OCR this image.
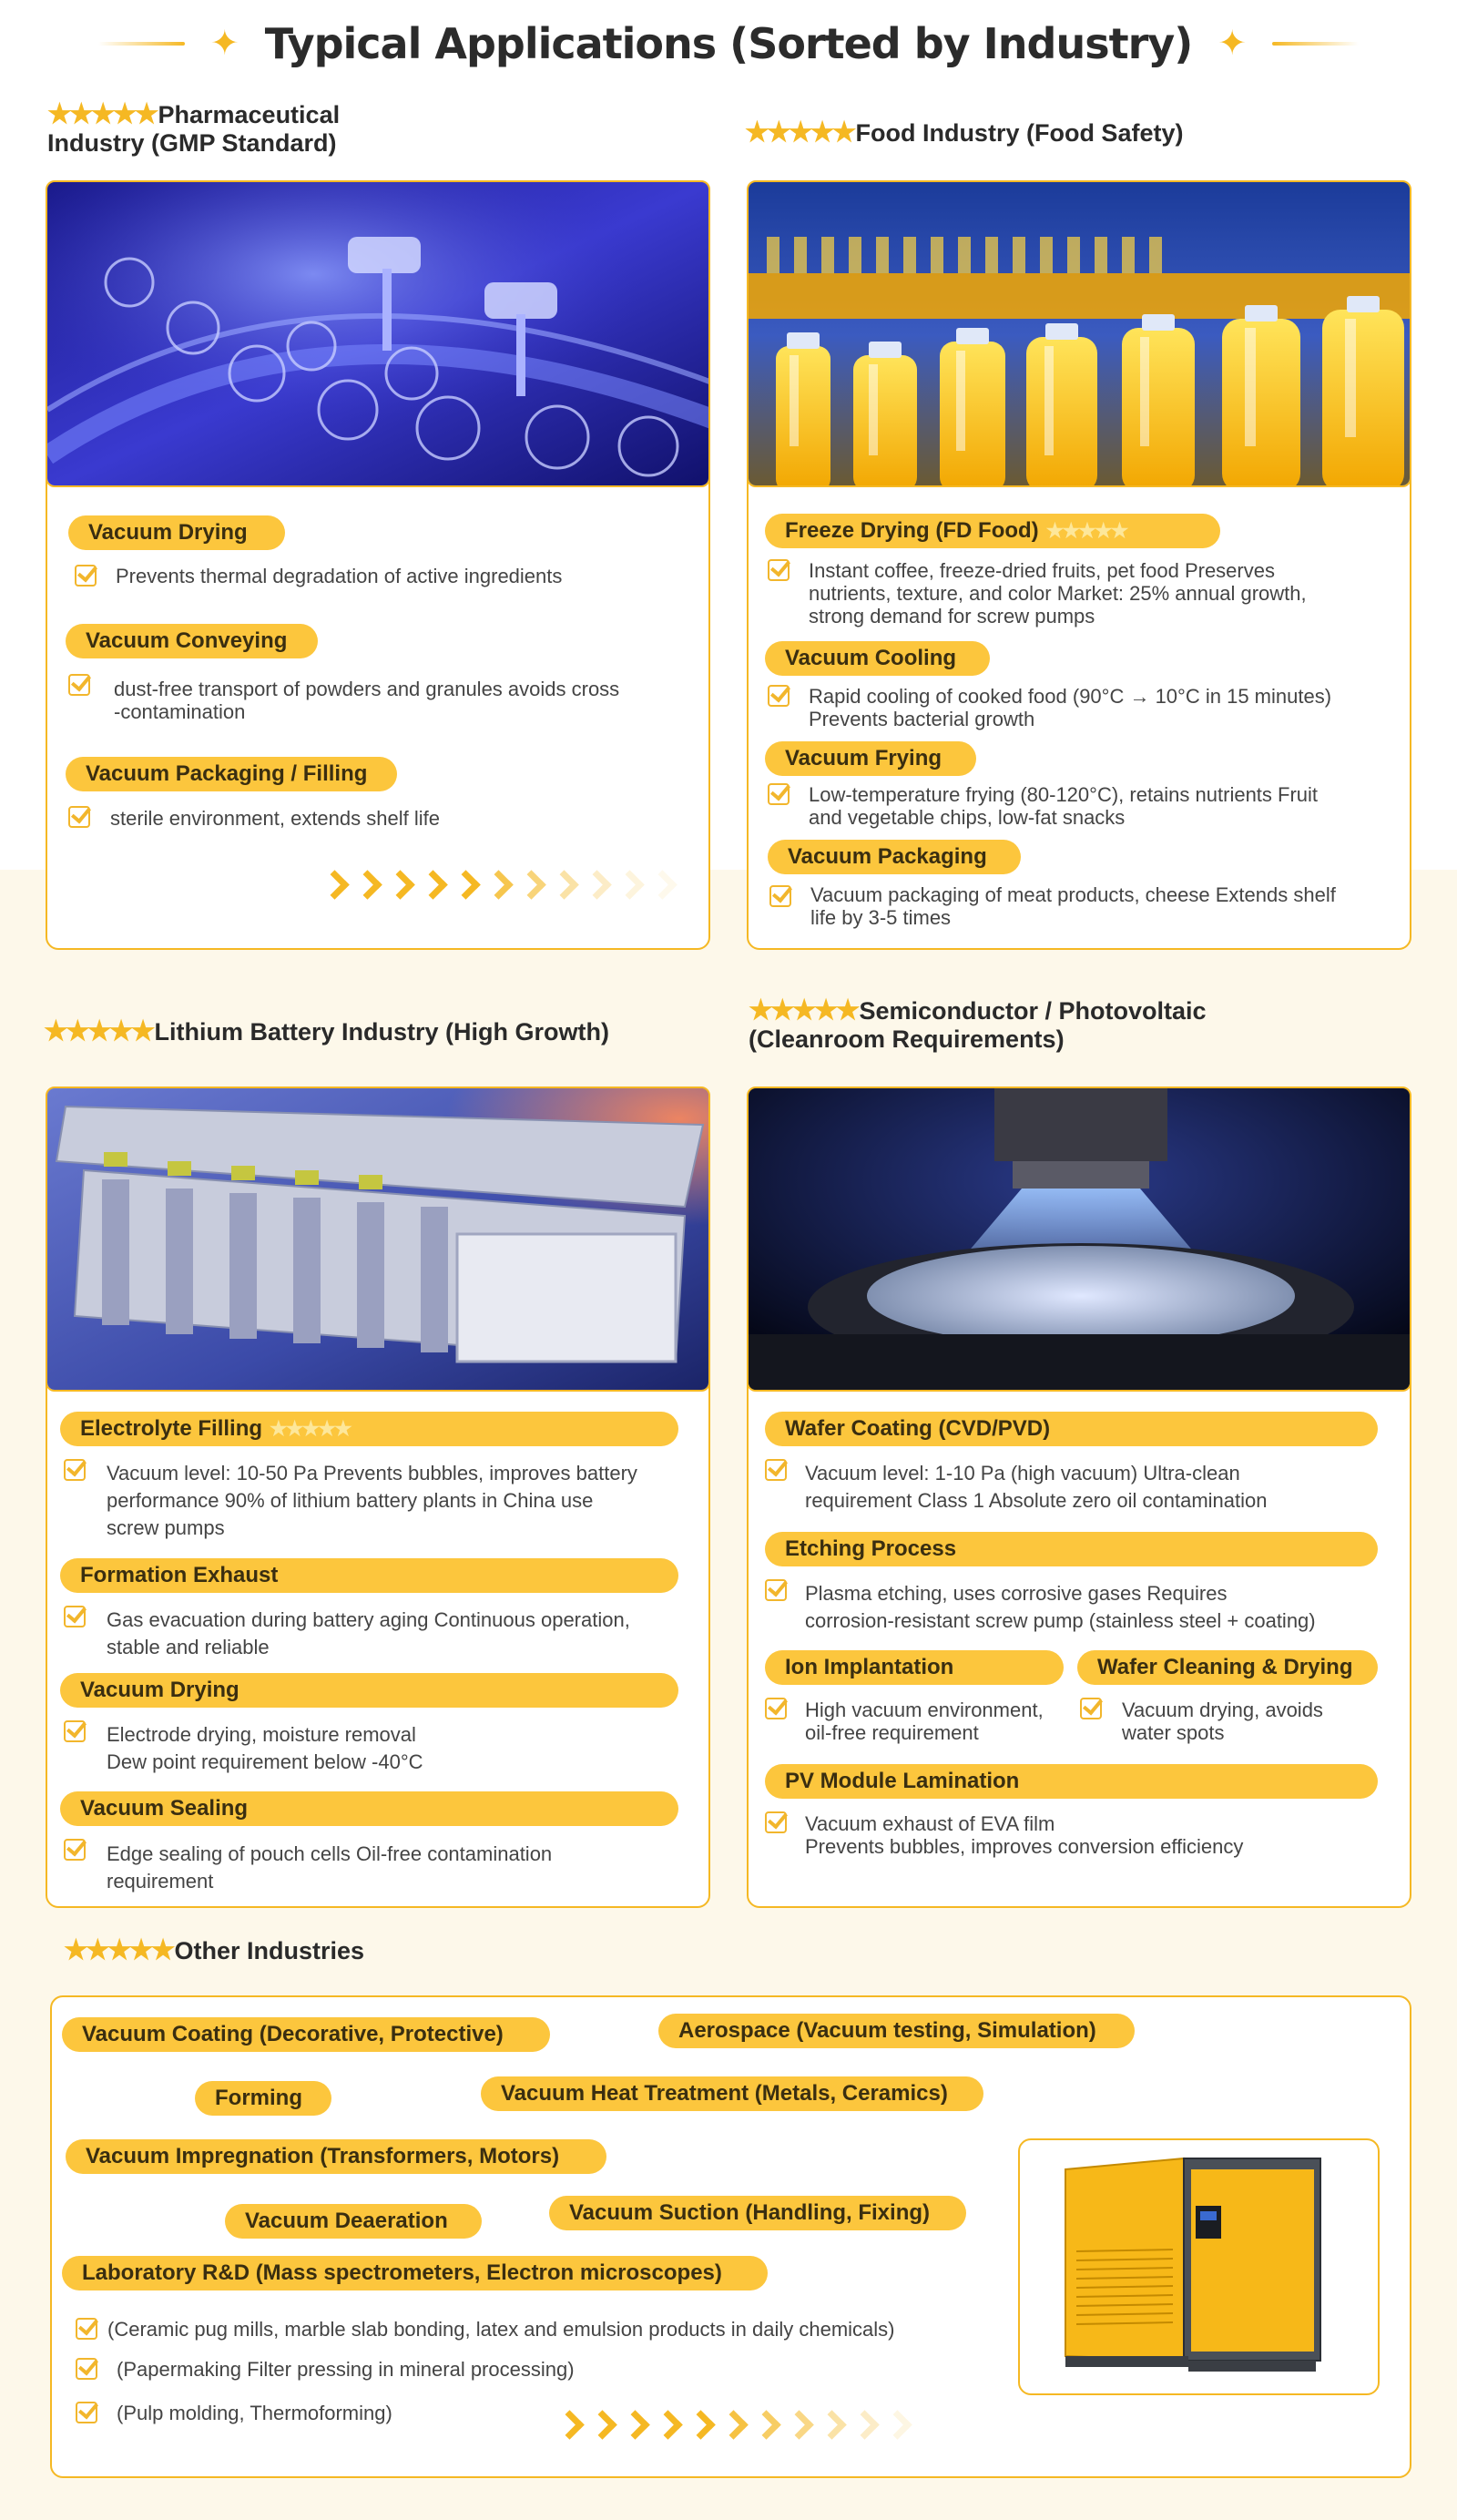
✦ Typical Applications (Sorted by Industry) ✦
★★★★★Pharmaceutical
Industry (GMP Standard)
Vacuum Drying
Prevents thermal degradation of active ingredients
Vacuum Conveying
dust-free transport of powders and granules avoids cross
-contamination
Vacuum Packaging / Filling
sterile environment, extends shelf life
★★★★★Food Industry (Food Safety)
Freeze Drying (FD Food) ★★★★★
Instant coffee, freeze-dried fruits, pet food Preserves
nutrients, texture, and color Market: 25% annual growth,
strong demand for screw pumps
Vacuum Cooling
Rapid cooling of cooked food (90°C → 10°C in 15 minutes)
Prevents bacterial growth
Vacuum Frying
Low-temperature frying (80-120°C), retains nutrients Fruit
and vegetable chips, low-fat snacks
Vacuum Packaging
Vacuum packaging of meat products, cheese Extends shelf
life by 3-5 times
★★★★★Lithium Battery Industry (High Growth)
Electrolyte Filling ★★★★★
Vacuum level: 10-50 Pa Prevents bubbles, improves battery
performance 90% of lithium battery plants in China use
screw pumps
Formation Exhaust
Gas evacuation during battery aging Continuous operation,
stable and reliable
Vacuum Drying
Electrode drying, moisture removal
Dew point requirement below -40°C
Vacuum Sealing
Edge sealing of pouch cells Oil-free contamination
requirement
★★★★★Semiconductor / Photovoltaic
(Cleanroom Requirements)
Wafer Coating (CVD/PVD)
Vacuum level: 1-10 Pa (high vacuum) Ultra-clean
requirement Class 1 Absolute zero oil contamination
Etching Process
Plasma etching, uses corrosive gases Requires
corrosion-resistant screw pump (stainless steel + coating)
Ion Implantation
High vacuum environment,
oil-free requirement
Wafer Cleaning & Drying
Vacuum drying, avoids
water spots
PV Module Lamination
Vacuum exhaust of EVA film
Prevents bubbles, improves conversion efficiency
★★★★★Other Industries
Vacuum Coating (Decorative, Protective)	Aerospace (Vacuum testing, Simulation)
Forming	Vacuum Heat Treatment (Metals, Ceramics)
Vacuum Impregnation (Transformers, Motors)
Vacuum Deaeration	Vacuum Suction (Handling, Fixing)
Laboratory R&D (Mass spectrometers, Electron microscopes)
(Ceramic pug mills, marble slab bonding, latex and emulsion products in daily chemicals)
(Papermaking Filter pressing in mineral processing)
(Pulp molding, Thermoforming)
